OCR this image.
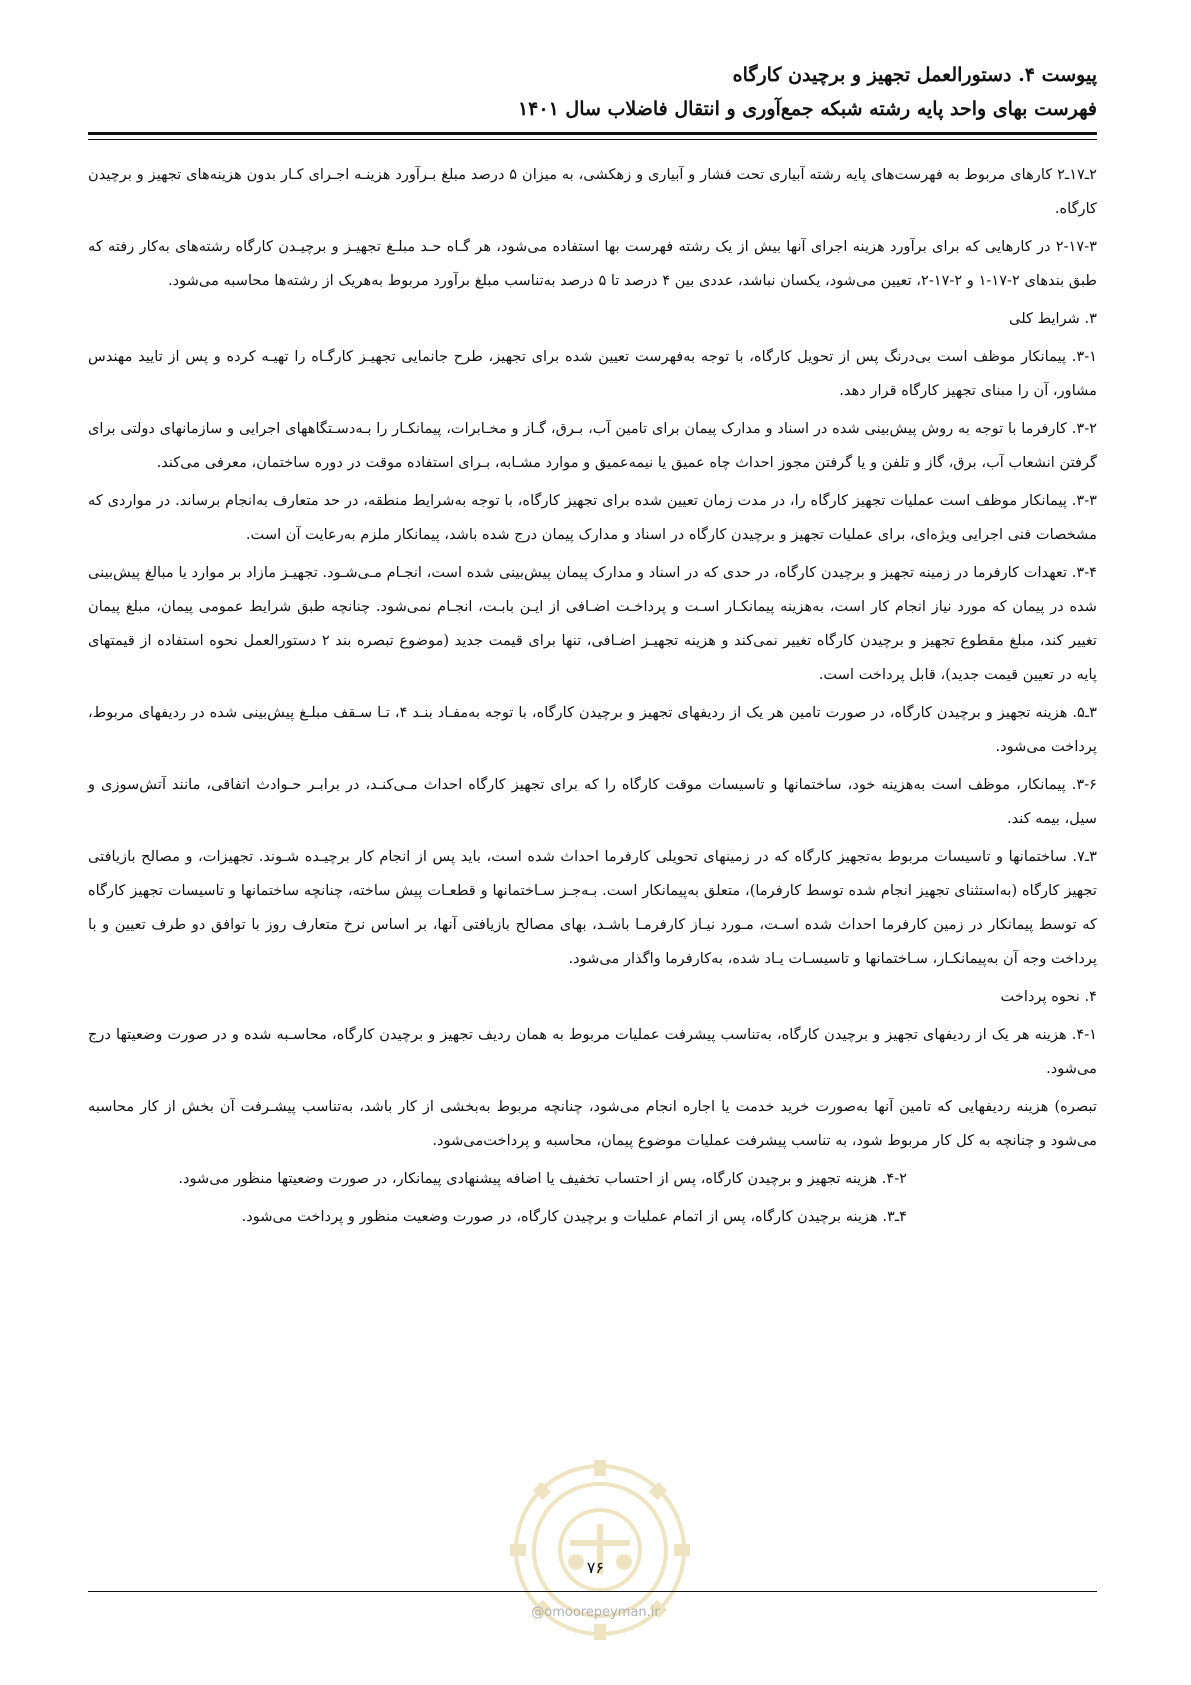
پیوست ۴. دستورالعمل تجهیز و برچیدن کارگاه
فهرست بهای واحد پایه رشته شبکه جمع‌آوری و انتقال فاضلاب سال ۱۴۰۱

۲ـ۱۷ـ۲ کارهای مربوط به فهرست‌های پایه رشته آبیاری تحت فشار و آبیاری و زهکشی، به میزان ۵ درصد مبلغ بـرآورد هزینـه اجـرای کـار بدون هزینه‌های تجهیز و برچیدن کارگاه.

۲-۱۷-۳ در کارهایی که برای برآورد هزینه اجرای آنها بیش از یک رشته فهرست بها استفاده می‌شود، هر گـاه حـد مبلـغ تجهیـز و برچیـدن کارگاه رشته‌های به‌کار رفته که طبق بندهای ۲-۱۷-۱ و ۲-۱۷-۲، تعیین می‌شود، یکسان نباشد، عددی بین ۴ درصد تا ۵ درصد به‌تناسب مبلغ برآورد مربوط به‌هریک از رشته‌ها محاسبه می‌شود.

۳. شرایط کلی

۳-۱. پیمانکار موظف است بی‌درنگ پس از تحویل کارگاه، با توجه به‌فهرست تعیین شده برای تجهیز، طرح جانمایی تجهیـز کارگـاه را تهیـه کرده و پس از تایید مهندس مشاور، آن را مبنای تجهیز کارگاه قرار دهد.

۳-۲. کارفرما با توجه به روش پیش‌بینی شده در اسناد و مدارک پیمان برای تامین آب، بـرق، گـاز و مخـابرات، پیمانکـار را بـه‌دسـتگاههای اجرایی و سازمانهای دولتی برای گرفتن انشعاب آب، برق، گاز و تلفن و یا گرفتن مجوز احداث چاه عمیق یا نیمه‌عمیق و موارد مشـابه، بـرای استفاده موقت در دوره ساختمان، معرفی می‌کند.

۳-۳. پیمانکار موظف است عملیات تجهیز کارگاه را، در مدت زمان تعیین شده برای تجهیز کارگاه، با توجه به‌شرایط منطقه، در حد متعارف به‌انجام برساند. در مواردی که مشخصات فنی اجرایی ویژه‌ای، برای عملیات تجهیز و برچیدن کارگاه در اسناد و مدارک پیمان درج شده باشد، پیمانکار ملزم به‌رعایت آن است.

۳-۴. تعهدات کارفرما در زمینه تجهیز و برچیدن کارگاه، در حدی که در اسناد و مدارک پیمان پیش‌بینی شده است، انجـام مـی‌شـود. تجهیـز مازاد بر موارد یا مبالغ پیش‌بینی شده در پیمان که مورد نیاز انجام کار است، به‌هزینه پیمانکـار اسـت و پرداخـت اضـافی از ایـن بابـت، انجـام نمی‌شود. چنانچه طبق شرایط عمومی پیمان، مبلغ پیمان تغییر کند، مبلغ مقطوع تجهیز و برچیدن کارگاه تغییر نمی‌کند و هزینه تجهیـز اضـافی، تنها برای قیمت جدید (موضوع تبصره بند ۲ دستورالعمل نحوه استفاده از قیمتهای پایه در تعیین قیمت جدید)، قابل پرداخت است.

۳ـ۵. هزینه تجهیز و برچیدن کارگاه، در صورت تامین هر یک از ردیفهای تجهیز و برچیدن کارگاه، با توجه به‌مفـاد بنـد ۴، تـا سـقف مبلـغ پیش‌بینی شده در ردیفهای مربوط، پرداخت می‌شود.

۳-۶. پیمانکار، موظف است به‌هزینه خود، ساختمانها و تاسیسات موقت کارگاه را که برای تجهیز کارگاه احداث مـی‌کنـد، در برابـر حـوادث اتفاقی، مانند آتش‌سوزی و سیل، بیمه کند.

۳ـ۷. ساختمانها و تاسیسات مربوط به‌تجهیز کارگاه که در زمینهای تحویلی کارفرما احداث شده است، باید پس از انجام کار برچیـده شـوند. تجهیزات، و مصالح بازیافتی تجهیز کارگاه (به‌استثنای تجهیز انجام شده توسط کارفرما)، متعلق به‌پیمانکار است. بـه‌جـز سـاختمانها و قطعـات پیش ساخته، چنانچه ساختمانها و تاسیسات تجهیز کارگاه که توسط پیمانکار در زمین کارفرما احداث شده اسـت، مـورد نیـاز کارفرمـا باشـد، بهای مصالح بازیافتی آنها، بر اساس نرخ متعارف روز با توافق دو طرف تعیین و با پرداخت وجه آن به‌پیمانکـار، سـاختمانها و تاسیسـات یـاد شده، به‌کارفرما واگذار می‌شود.

۴. نحوه پرداخت

۴-۱. هزینه هر یک از ردیفهای تجهیز و برچیدن کارگاه، به‌تناسب پیشرفت عملیات مربوط به همان ردیف تجهیز و برچیدن کارگاه، محاسـبه شده و در صورت وضعیتها درج می‌شود.

تبصره) هزینه ردیفهایی که تامین آنها به‌صورت خرید خدمت یا اجاره انجام می‌شود، چنانچه مربوط به‌بخشی از کار باشد، به‌تناسب پیشـرفت آن بخش از کار محاسبه می‌شود و چنانچه به کل کار مربوط شود، به تناسب پیشرفت عملیات موضوع پیمان، محاسبه و پرداخت‌می‌شود.

۴-۲. هزینه تجهیز و برچیدن کارگاه، پس از احتساب تخفیف یا اضافه پیشنهادی پیمانکار، در صورت وضعیتها منظور می‌شود.

۴ـ۳. هزینه برچیدن کارگاه، پس از اتمام عملیات و برچیدن کارگاه، در صورت وضعیت منظور و پرداخت می‌شود.

۷۶
@omoorepeyman.ir
